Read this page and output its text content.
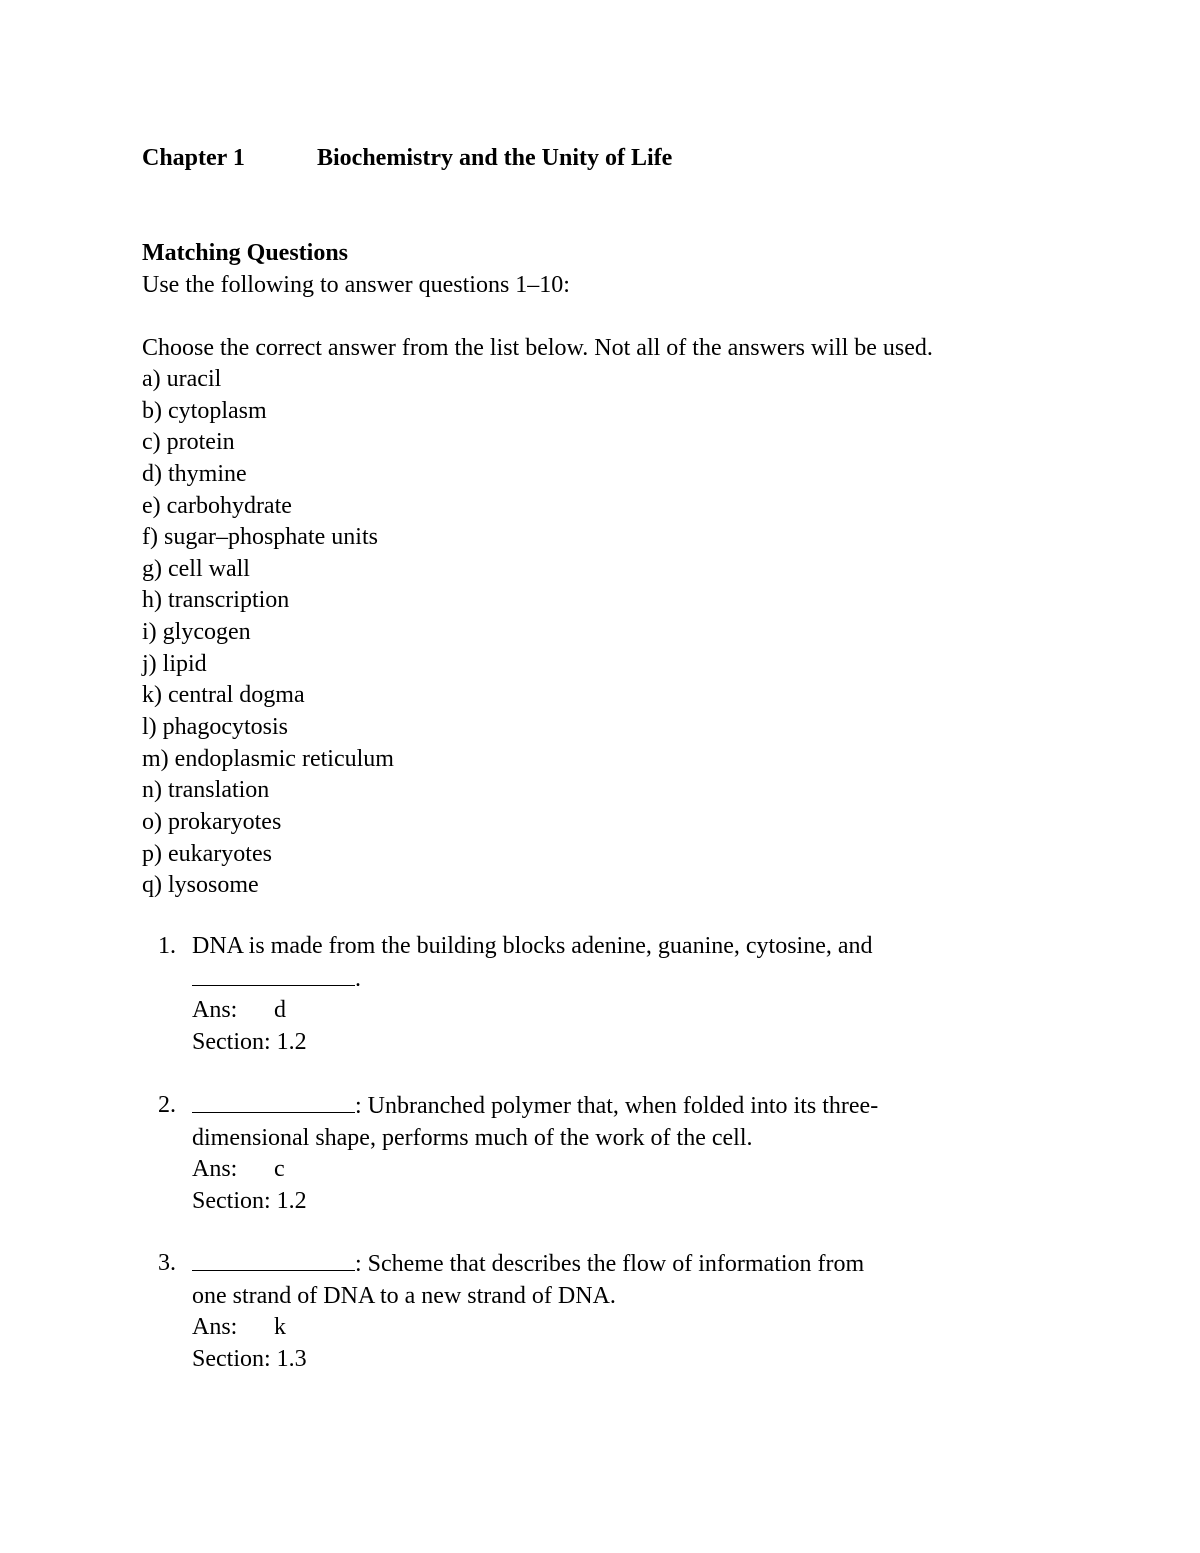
Chapter 1	Biochemistry and the Unity of Life
Matching Questions
Use the following to answer questions 1–10:
Choose the correct answer from the list below. Not all of the answers will be used.
a) uracil
b) cytoplasm
c) protein
d) thymine
e) carbohydrate
f) sugar–phosphate units
g) cell wall
h) transcription
i) glycogen
j) lipid
k) central dogma
l) phagocytosis
m) endoplasmic reticulum
n) translation
o) prokaryotes
p) eukaryotes
q) lysosome
1. DNA is made from the building blocks adenine, guanine, cytosine, and
.
Ans: d
Section: 1.2
2.	: Unbranched polymer that, when folded into its three-
dimensional shape, performs much of the work of the cell.
Ans: c
Section: 1.2
3.	: Scheme that describes the flow of information from
one strand of DNA to a new strand of DNA.
Ans: k
Section: 1.3
